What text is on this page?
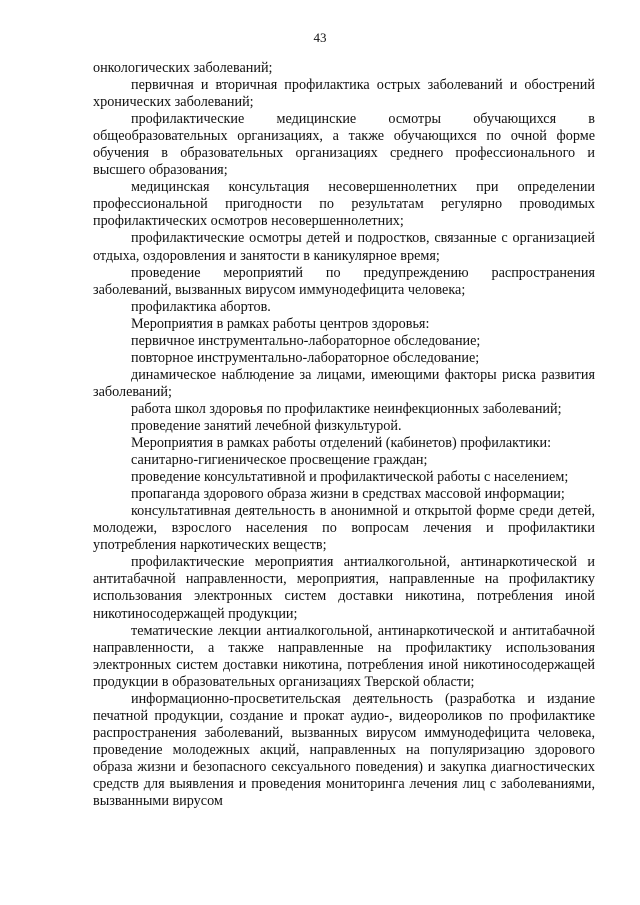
43

онкологических заболеваний;

первичная и вторичная профилактика острых заболеваний и обострений хронических заболеваний;

профилактические медицинские осмотры обучающихся в общеобразовательных организациях, а также обучающихся по очной форме обучения в образовательных организациях среднего профессионального и высшего образования;

медицинская консультация несовершеннолетних при определении профессиональной пригодности по результатам регулярно проводимых профилактических осмотров несовершеннолетних;

профилактические осмотры детей и подростков, связанные с организацией отдыха, оздоровления и занятости в каникулярное время;

проведение мероприятий по предупреждению распространения заболеваний, вызванных вирусом иммунодефицита человека;

профилактика абортов.

Мероприятия в рамках работы центров здоровья:

первичное инструментально-лабораторное обследование;

повторное инструментально-лабораторное обследование;

динамическое наблюдение за лицами, имеющими факторы риска развития заболеваний;

работа школ здоровья по профилактике неинфекционных заболеваний;

проведение занятий лечебной физкультурой.

Мероприятия в рамках работы отделений (кабинетов) профилактики:

санитарно-гигиеническое просвещение граждан;

проведение консультативной и профилактической работы с населением;

пропаганда здорового образа жизни в средствах массовой информации;

консультативная деятельность в анонимной и открытой форме среди детей, молодежи, взрослого населения по вопросам лечения и профилактики употребления наркотических веществ;

профилактические мероприятия антиалкогольной, антинаркотической и антитабачной направленности, мероприятия, направленные на профилактику использования электронных систем доставки никотина, потребления иной никотиносодержащей продукции;

тематические лекции антиалкогольной, антинаркотической и антитабачной направленности, а также направленные на профилактику использования электронных систем доставки никотина, потребления иной никотиносодержащей продукции в образовательных организациях Тверской области;

информационно-просветительская деятельность (разработка и издание печатной продукции, создание и прокат аудио-, видеороликов по профилактике распространения заболеваний, вызванных вирусом иммунодефицита человека, проведение молодежных акций, направленных на популяризацию здорового образа жизни и безопасного сексуального поведения) и закупка диагностических средств для выявления и проведения мониторинга лечения лиц с заболеваниями, вызванными вирусом
